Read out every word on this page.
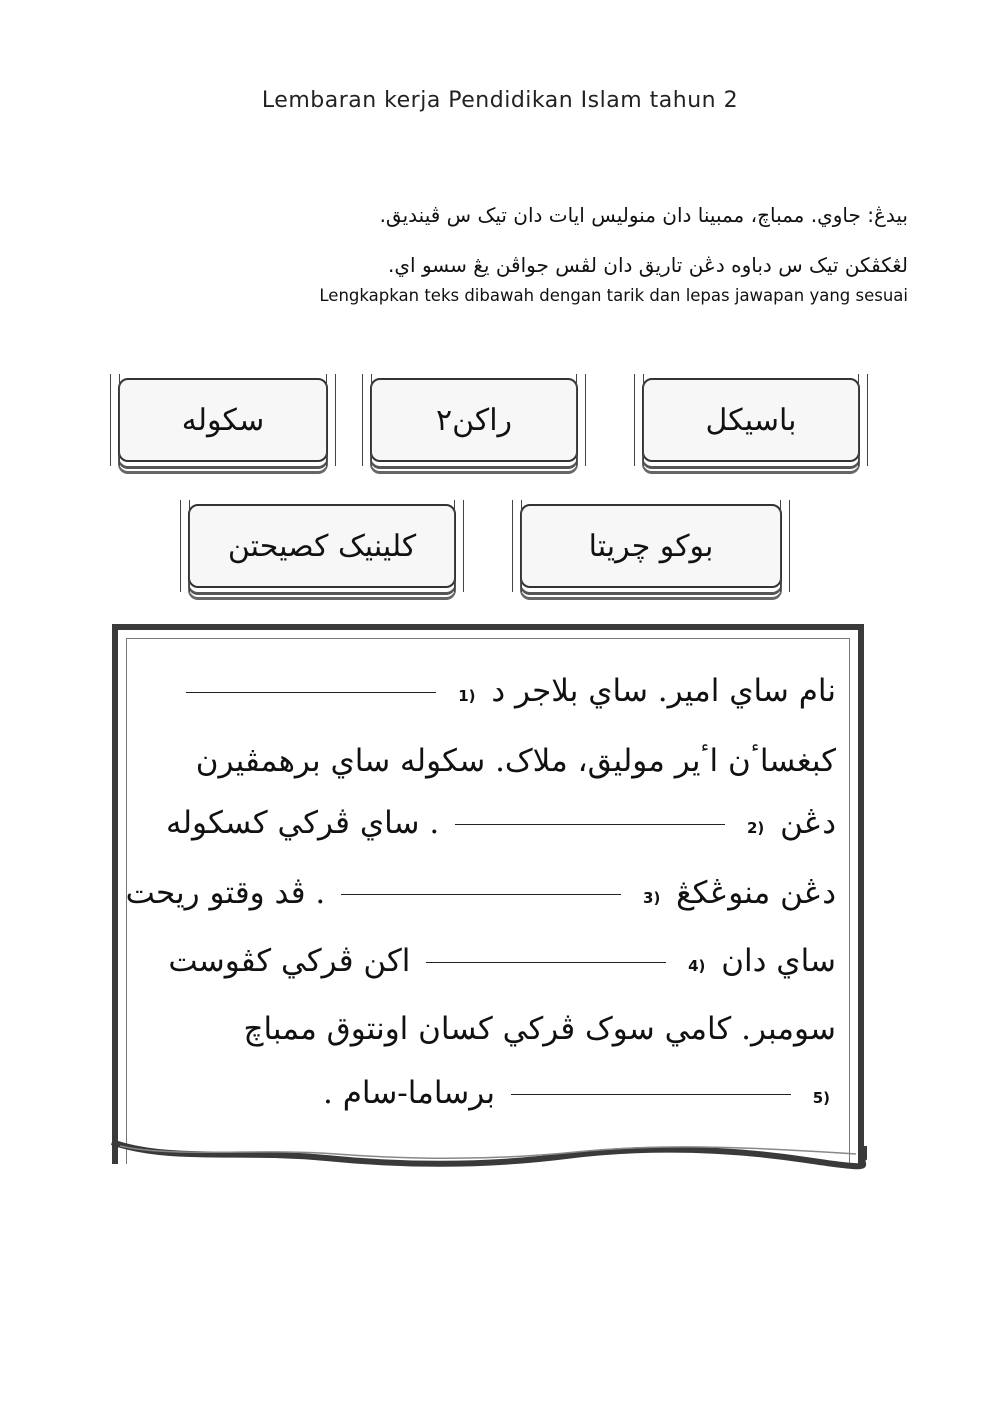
Lembaran kerja Pendidikan Islam tahun 2
بيدڠ: جاوي. ممباچ، ممبينا دان منوليس ايات دان تيک س ڤينديق.
لڠكڤكن تيک س دباوه دڠن تاريق دان لڤس جواڤن يڠ سسو اي.
Lengkapkan teks dibawah dengan tarik dan lepas jawapan yang sesuai
سكوله	راکن٢	باسيكل
كلينيک كصيحتن	بوکو چريتا
نام ساي امير. ساي بلاجر د (1
كبغساٴن اٴير موليق، ملاک. سكوله ساي برهمڤيرن
دڠن (2  . ساي ڤرکي كسكوله
دڠن منوڠكڠ (3  . ڤد وقتو ريحت
ساي دان (4  اكن ڤرکي كڤوست
سومبر. كامي سوک ڤرکي كسان اونتوق ممباچ
(5  برساما-سام .
